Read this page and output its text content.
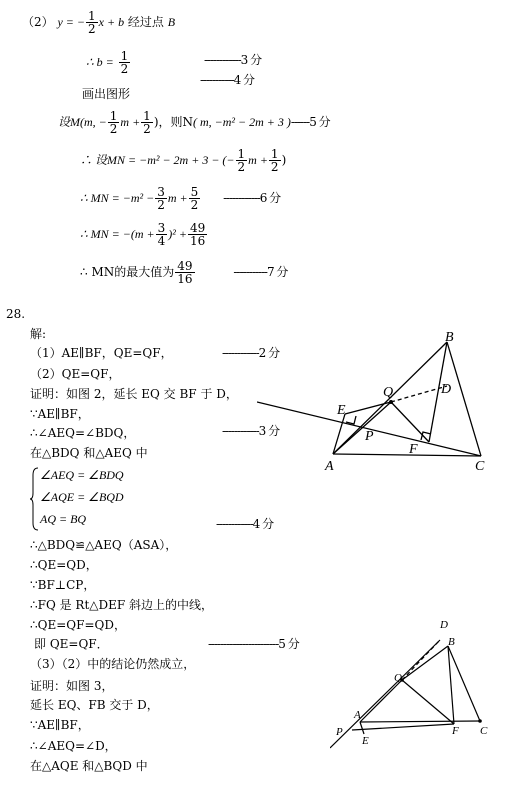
（2） y = − $\frac{1}{2}$ x + b 经过点 B
∴ $b = \frac{1}{2}$	------------3 分
-----------4 分
画出图形
设M(m, − $\frac{1}{2}$ $m + \frac{1}{2}$ )，则N( m, −m² − 2m + 3 )------5 分
∴ 设MN = −m² − 2m + 3 − (− $\frac{1}{2}$ $m + \frac{1}{2}$ )
∴ MN = $-m^2 - \frac{3}{2}$ $m + \frac{5}{2} ------------6$ 分
∴ MN = $-(m + \frac{3}{4} )^2 + \frac{49}{16}$
∴ MN的最大值为 $\frac{49}{16}$	-----------7 分
28.
解:
（1）AE∥BF，QE=QF，	------------2 分
（2）QE=QF，
证明：如图 2，延长 EQ 交 BF 于 D，
∵AE∥BF，
∴∠AEQ=∠BDQ，	------------3 分
在△BDQ 和△AEQ 中
∠AEQ = ∠BDQ
∠AQE = ∠BQD
AQ = BQ	------------4 分
∴△BDQ≌△AEQ（ASA），
∴QE=QD，
∵BF⊥CP，
∴FQ 是 Rt△DEF 斜边上的中线，
∴QE=QF=QD，
即 QE=QF．	-----------------------5 分
（3）（2）中的结论仍然成立，
证明：如图 3，
延长 EQ、FB 交于 D，
∵AE∥BF，
∴∠AEQ=∠D，
在△AQE 和△BQD 中
B
D
Q
E
P
F
A	C
D
B
Q
A
P
E
F C
